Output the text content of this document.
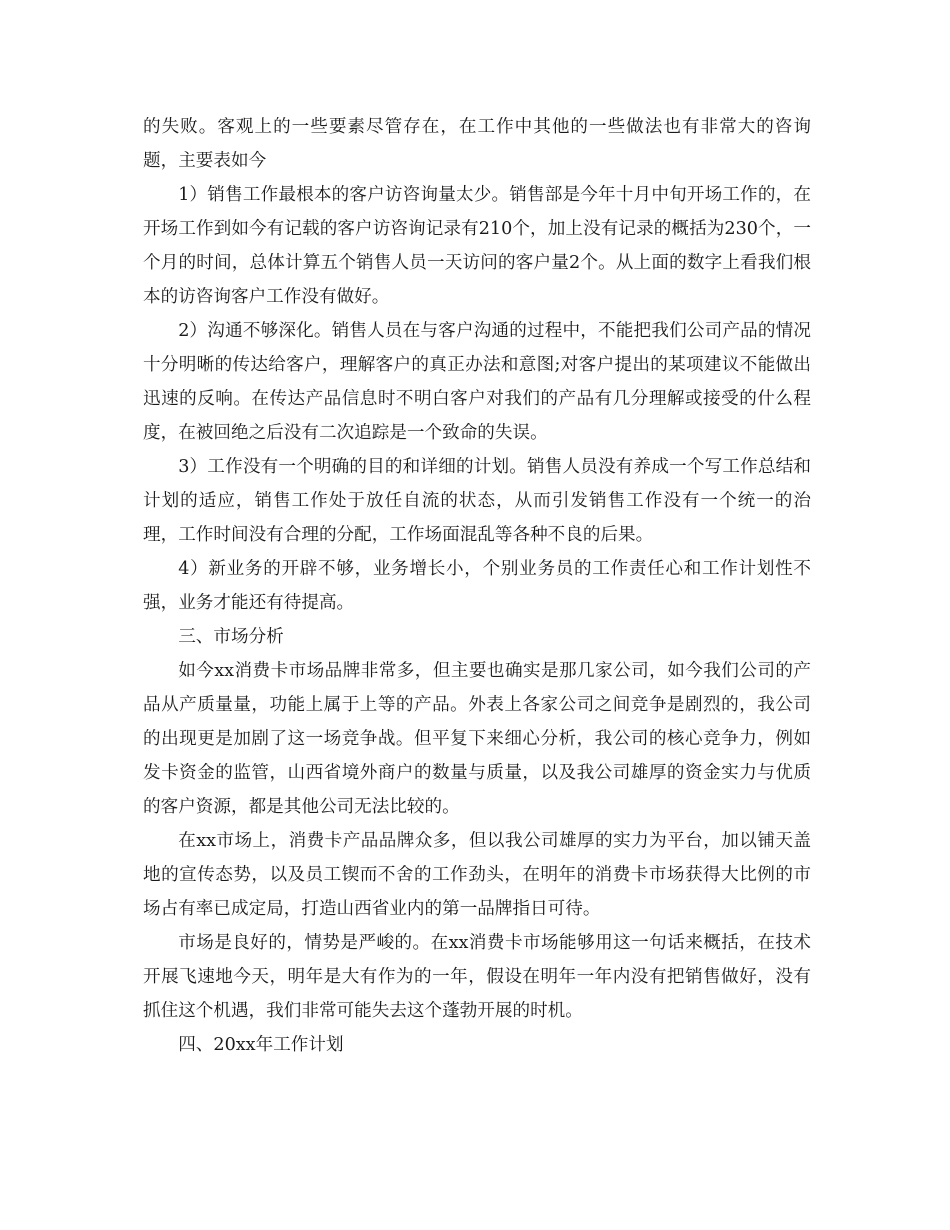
的失败。客观上的一些要素尽管存在，在工作中其他的一些做法也有非常大的咨询题，主要表如今

1）销售工作最根本的客户访咨询量太少。销售部是今年十月中旬开场工作的，在开场工作到如今有记载的客户访咨询记录有210个，加上没有记录的概括为230个，一个月的时间，总体计算五个销售人员一天访问的客户量2个。从上面的数字上看我们根本的访咨询客户工作没有做好。

2）沟通不够深化。销售人员在与客户沟通的过程中，不能把我们公司产品的情况十分明晰的传达给客户，理解客户的真正办法和意图;对客户提出的某项建议不能做出迅速的反响。在传达产品信息时不明白客户对我们的产品有几分理解或接受的什么程度，在被回绝之后没有二次追踪是一个致命的失误。

3）工作没有一个明确的目的和详细的计划。销售人员没有养成一个写工作总结和计划的适应，销售工作处于放任自流的状态，从而引发销售工作没有一个统一的治理，工作时间没有合理的分配，工作场面混乱等各种不良的后果。

4）新业务的开辟不够，业务增长小，个别业务员的工作责任心和工作计划性不强，业务才能还有待提高。

三、市场分析

如今xx消费卡市场品牌非常多，但主要也确实是那几家公司，如今我们公司的产品从产质量量，功能上属于上等的产品。外表上各家公司之间竞争是剧烈的，我公司的出现更是加剧了这一场竞争战。但平复下来细心分析，我公司的核心竞争力，例如发卡资金的监管，山西省境外商户的数量与质量，以及我公司雄厚的资金实力与优质的客户资源，都是其他公司无法比较的。

在xx市场上，消费卡产品品牌众多，但以我公司雄厚的实力为平台，加以铺天盖地的宣传态势，以及员工锲而不舍的工作劲头，在明年的消费卡市场获得大比例的市场占有率已成定局，打造山西省业内的第一品牌指日可待。

市场是良好的，情势是严峻的。在xx消费卡市场能够用这一句话来概括，在技术开展飞速地今天，明年是大有作为的一年，假设在明年一年内没有把销售做好，没有抓住这个机遇，我们非常可能失去这个蓬勃开展的时机。

四、20xx年工作计划
